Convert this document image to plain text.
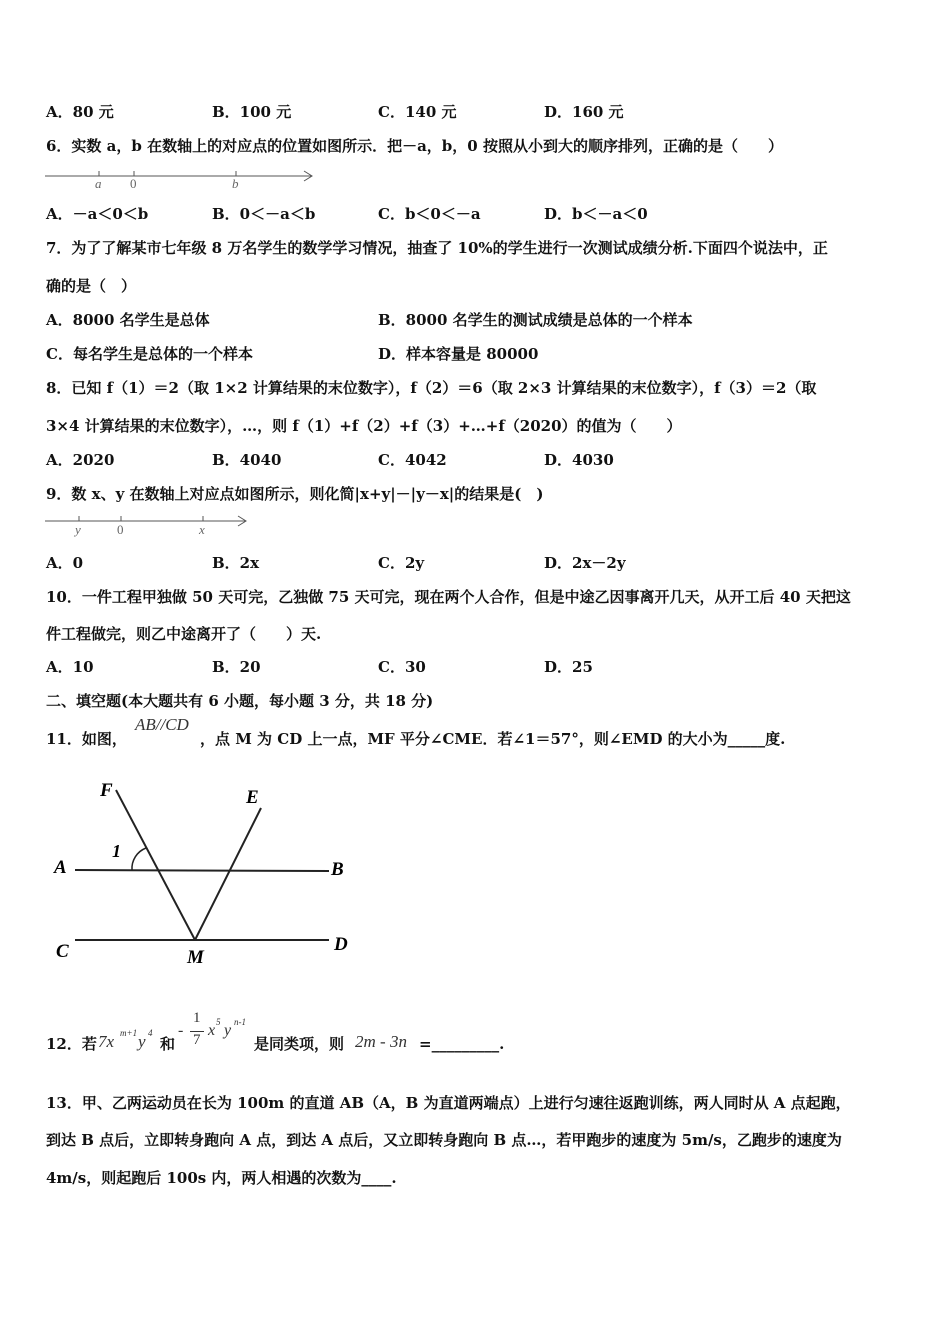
A．80 元	B．100 元	C．140 元	D．160 元
6．实数 a，b 在数轴上的对应点的位置如图所示．把－a，b，0 按照从小到大的顺序排列，正确的是（　　）
a 0	b
A．－a＜0＜b	B．0＜－a＜b	C．b＜0＜－a	D．b＜－a＜0
7．为了了解某市七年级 8 万名学生的数学学习情况，抽查了 10%的学生进行一次测试成绩分析.下面四个说法中，正
确的是（　）
A．8000 名学生是总体	B．8000 名学生的测试成绩是总体的一个样本
C．每名学生是总体的一个样本	D．样本容量是 80000
8．已知 f（1）＝2（取 1×2 计算结果的末位数字），f（2）＝6（取 2×3 计算结果的末位数字），f（3）＝2（取
3×4 计算结果的末位数字），…，则 f（1）+f（2）+f（3）+…+f（2020）的值为（　　）
A．2020	B．4040	C．4042	D．4030
9．数 x、y 在数轴上对应点如图所示，则化简|x+y|－|y－x|的结果是(　)
y	0	x
A．0	B．2x	C．2y	D．2x－2y
10．一件工程甲独做 50 天可完，乙独做 75 天可完，现在两个人合作，但是中途乙因事离开几天，从开工后 40 天把这
件工程做完，则乙中途离开了（　　）天.
A．10	B．20	C．30	D．25
二、填空题(本大题共有 6 小题，每小题 3 分，共 18 分)
11．如图，
AB//CD
，点 M 为 CD 上一点，MF 平分∠CME．若∠1＝57°，则∠EMD 的大小为_____度.
F	E
A	B
1
C	D
M
12．若 7x m+1 y 4
和
-
1
7
x 5 y n-1
是同类项，则 2m - 3n =_________.
13．甲、乙两运动员在长为 100m 的直道 AB（A，B 为直道两端点）上进行匀速往返跑训练，两人同时从 A 点起跑，
到达 B 点后，立即转身跑向 A 点，到达 A 点后，又立即转身跑向 B 点…，若甲跑步的速度为 5m/s，乙跑步的速度为
4m/s，则起跑后 100s 内，两人相遇的次数为____.
